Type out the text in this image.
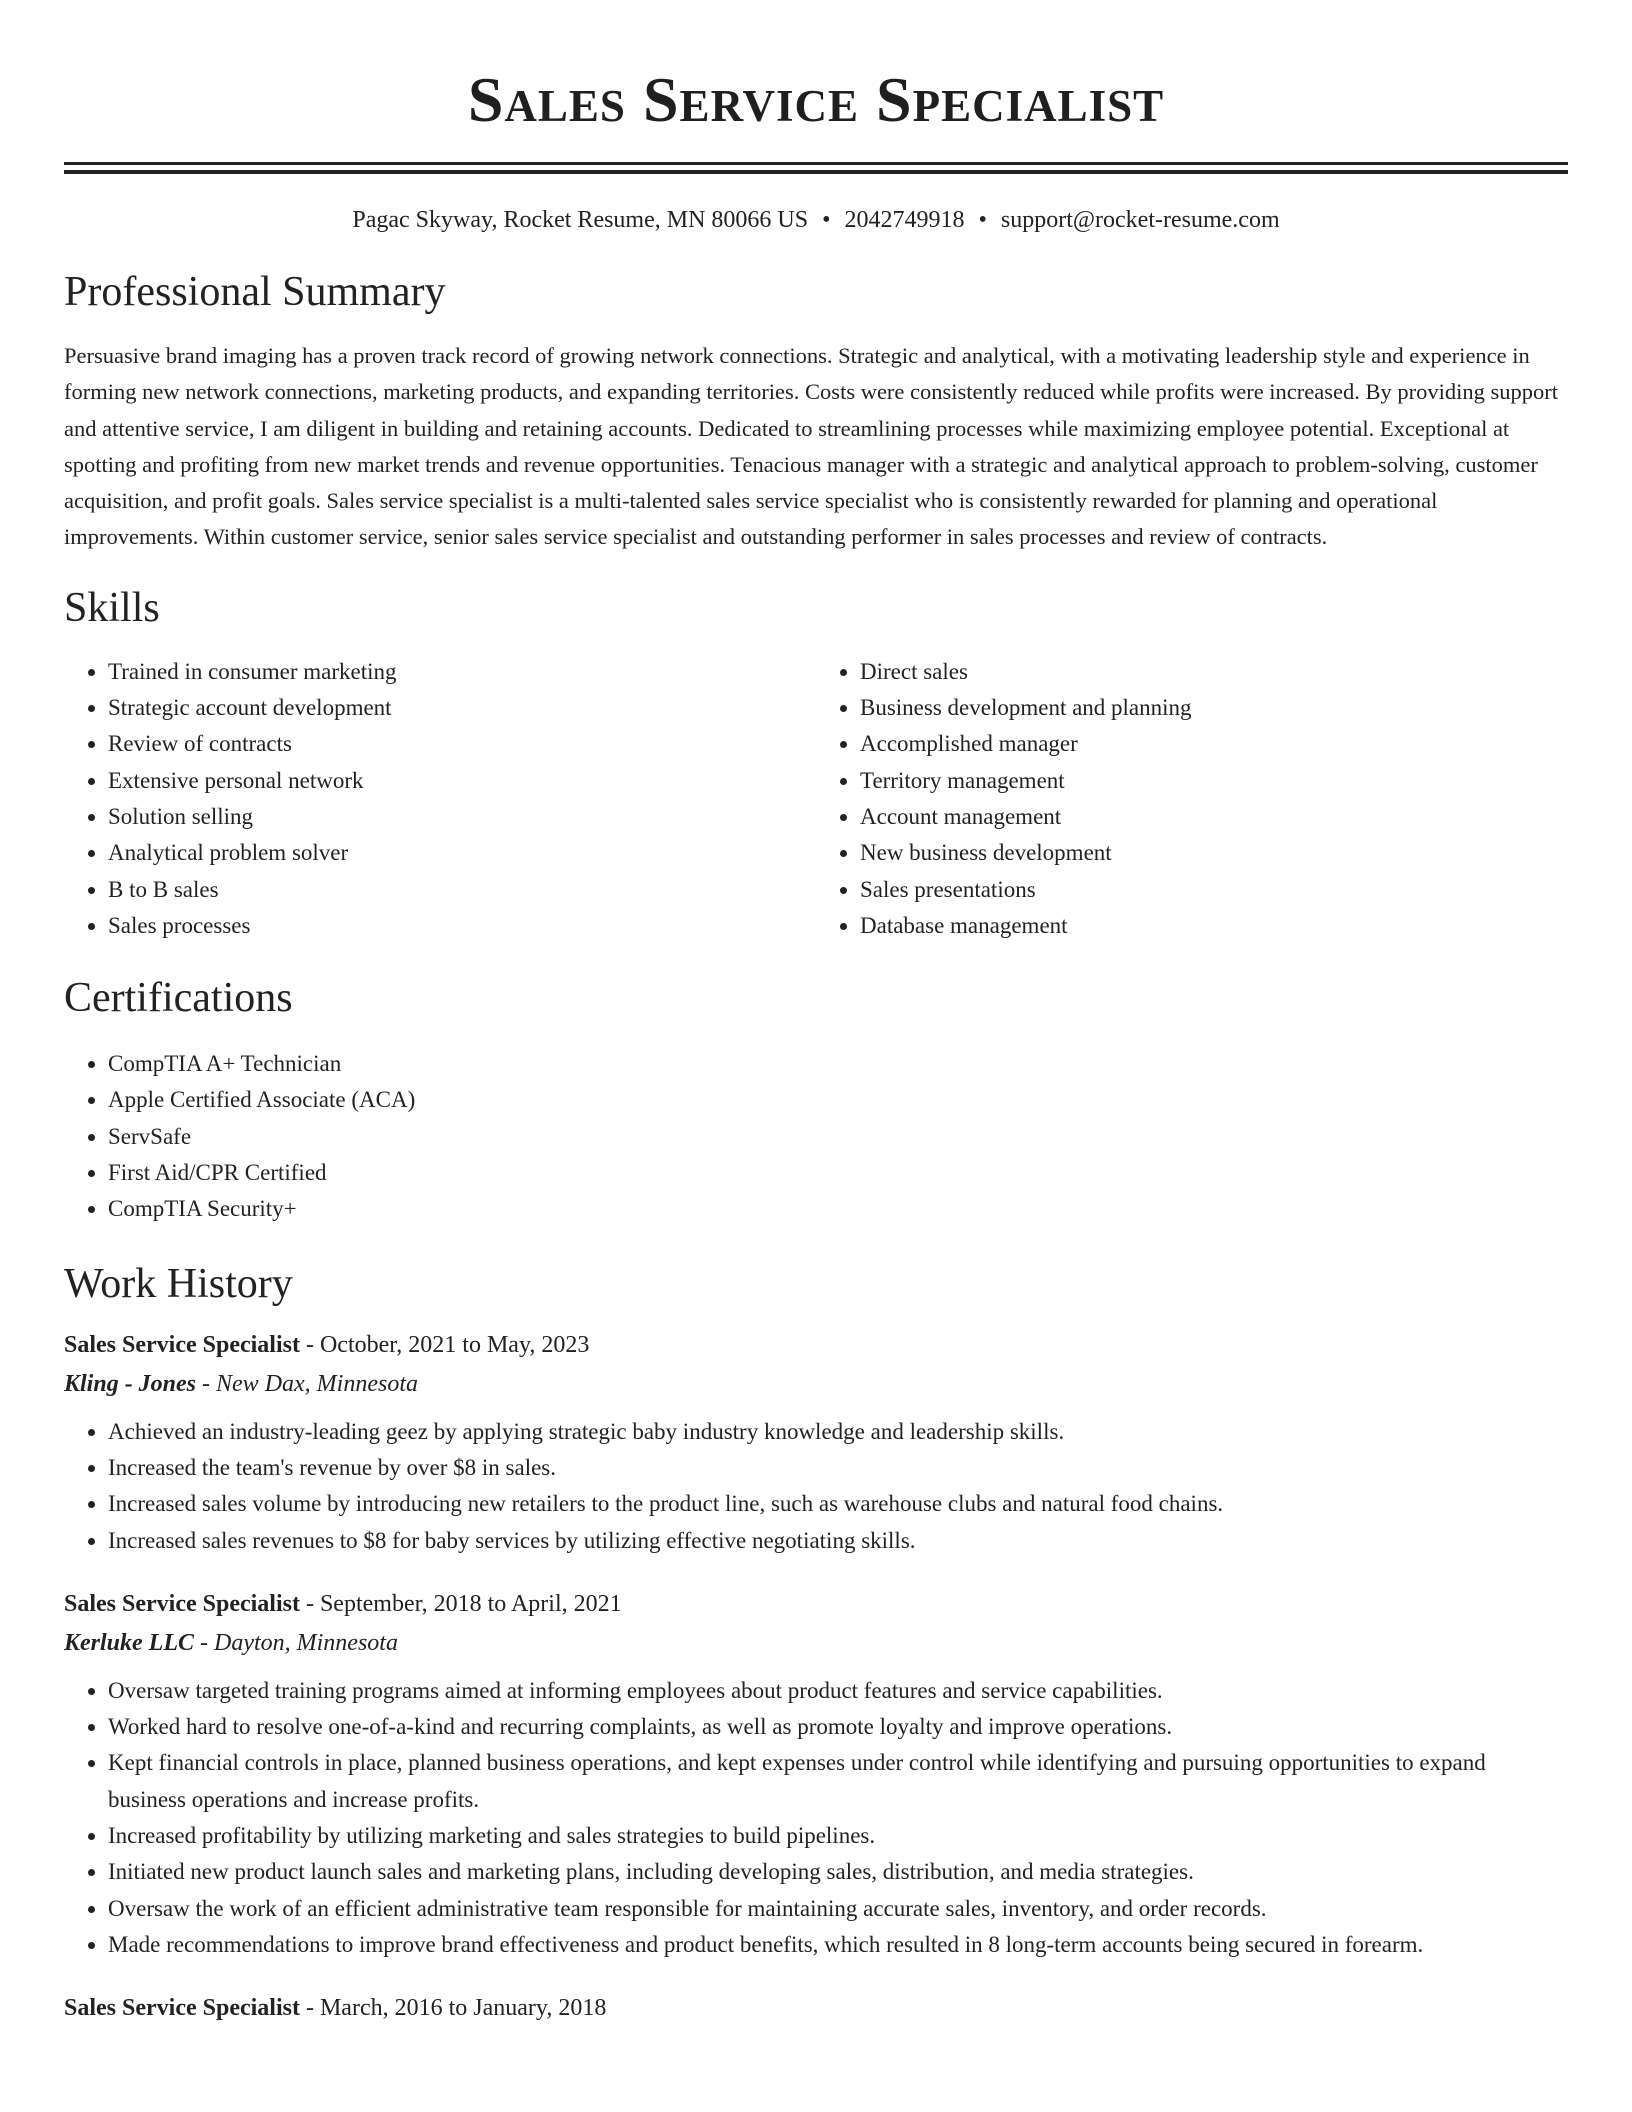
Sales Service Specialist
Pagac Skyway, Rocket Resume, MN 80066 US • 2042749918 • support@rocket-resume.com
Professional Summary

Persuasive brand imaging has a proven track record of growing network connections. Strategic and analytical, with a motivating leadership style and experience in forming new network connections, marketing products, and expanding territories. Costs were consistently reduced while profits were increased. By providing support and attentive service, I am diligent in building and retaining accounts. Dedicated to streamlining processes while maximizing employee potential. Exceptional at spotting and profiting from new market trends and revenue opportunities. Tenacious manager with a strategic and analytical approach to problem-solving, customer acquisition, and profit goals. Sales service specialist is a multi-talented sales service specialist who is consistently rewarded for planning and operational improvements. Within customer service, senior sales service specialist and outstanding performer in sales processes and review of contracts.

Skills
• Trained in consumer marketing
• Strategic account development
• Review of contracts
• Extensive personal network
• Solution selling
• Analytical problem solver
• B to B sales
• Sales processes
• Direct sales
• Business development and planning
• Accomplished manager
• Territory management
• Account management
• New business development
• Sales presentations
• Database management
Certifications
• CompTIA A+ Technician
• Apple Certified Associate (ACA)
• ServSafe
• First Aid/CPR Certified
• CompTIA Security+
Work History
Sales Service Specialist - October, 2021 to May, 2023
Kling - Jones - New Dax, Minnesota
• Achieved an industry-leading geez by applying strategic baby industry knowledge and leadership skills.
• Increased the team's revenue by over $8 in sales.
• Increased sales volume by introducing new retailers to the product line, such as warehouse clubs and natural food chains.
• Increased sales revenues to $8 for baby services by utilizing effective negotiating skills.
Sales Service Specialist - September, 2018 to April, 2021
Kerluke LLC - Dayton, Minnesota
• Oversaw targeted training programs aimed at informing employees about product features and service capabilities.
• Worked hard to resolve one-of-a-kind and recurring complaints, as well as promote loyalty and improve operations.
• Kept financial controls in place, planned business operations, and kept expenses under control while identifying and pursuing opportunities to expand business operations and increase profits.
• Increased profitability by utilizing marketing and sales strategies to build pipelines.
• Initiated new product launch sales and marketing plans, including developing sales, distribution, and media strategies.
• Oversaw the work of an efficient administrative team responsible for maintaining accurate sales, inventory, and order records.
• Made recommendations to improve brand effectiveness and product benefits, which resulted in 8 long-term accounts being secured in forearm.
Sales Service Specialist - March, 2016 to January, 2018
